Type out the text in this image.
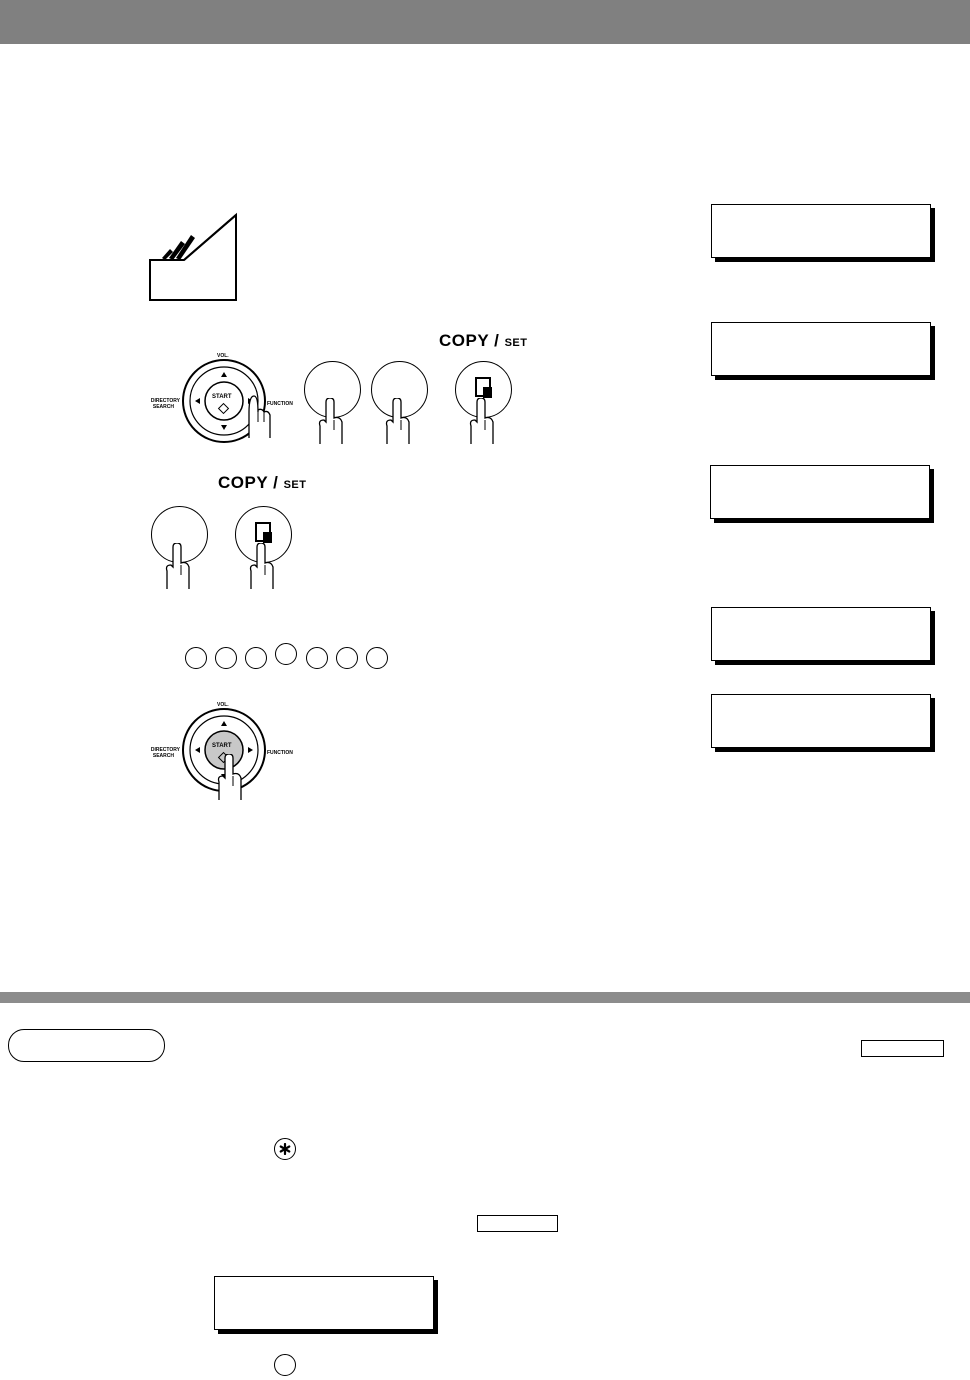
VOL.
DIRECTORY
SEARCH	FUNCTION
START
COPY / SET
COPY / SET
VOL.
DIRECTORY
SEARCH	FUNCTION
START
